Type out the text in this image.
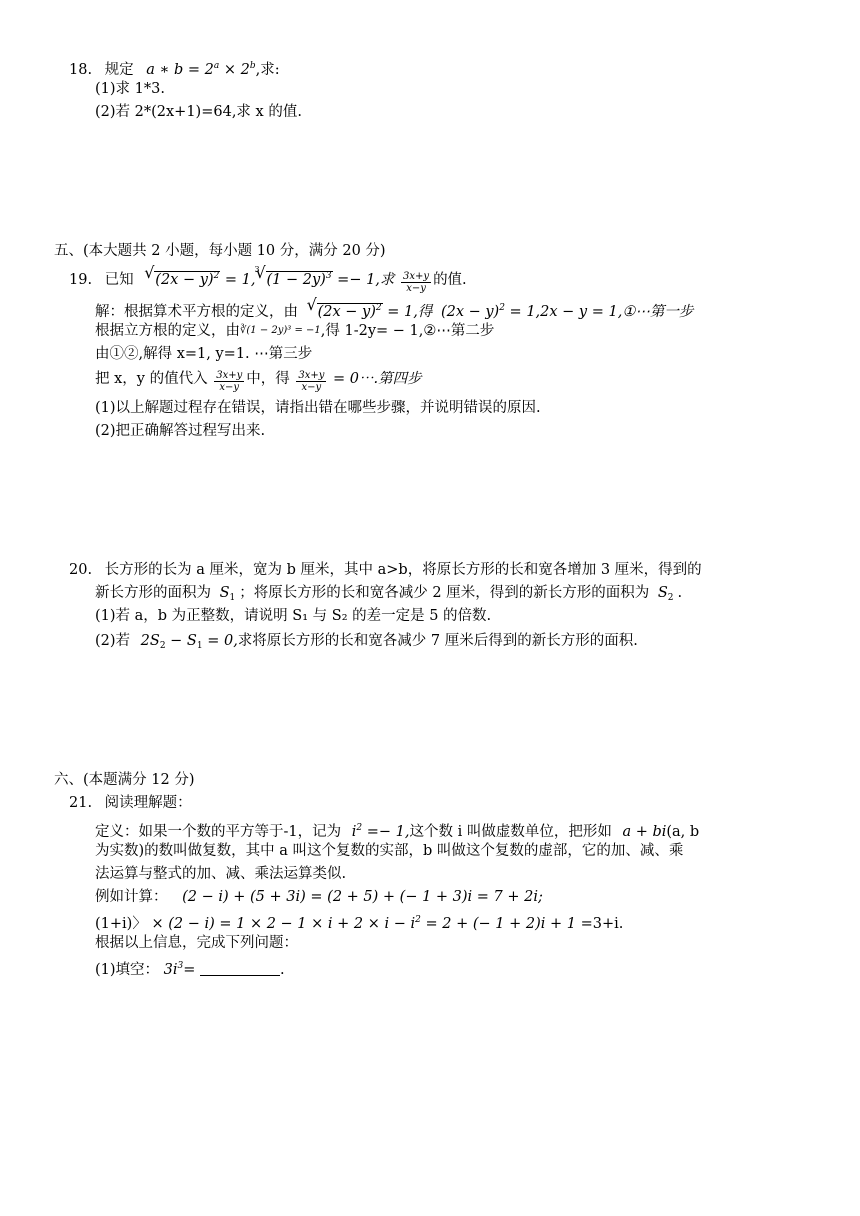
18. 规定 a ∗ $b = 2^a \times 2^b$,求:
(1)求 1*3.
(2)若 2*(2x+1)=64,求 x 的值.
五、(本大题共 2 小题，每小题 10 分，满分 20 分)
19. 已知 √ $(2x - y)^2 = 1$,
√ 3
$(1 - 2y)^3 =- 1$,求 $\frac{3x+y}{x-y}$ 的值.
解：根据算术平方根的定义，由 √ $(2x - y)^2 = 1$,得 $(2x - y)^2 = 1,2x - y$ = 1,①⋯第一步
根据立方根的定义，由∛(1 − 2y)³ = −1,得 1-2y= − 1,②⋯第二步
由①②,解得 x=1, y=1. ⋯第三步
把 x，y 的值代入 $\frac{3x+y}{x-y}$ 中，得 $\frac{3x+y}{x-y}$ = 0⋯.第四步
(1)以上解题过程存在错误，请指出错在哪些步骤，并说明错误的原因.
(2)把正确解答过程写出来.
20. 长方形的长为 a 厘米，宽为 b 厘米，其中 a>b，将原长方形的长和宽各增加 3 厘米，得到的
新长方形的面积为 $S_1$ ；将原长方形的长和宽各减少 2 厘米，得到的新长方形的面积为 $S_2$ .
(1)若 a，b 为正整数，请说明 S₁ 与 S₂ 的差一定是 5 的倍数.
(2)若 $2S_2 - S_1 = 0$,求将原长方形的长和宽各减少 7 厘米后得到的新长方形的面积.
六、(本题满分 12 分)
21. 阅读理解题：
定义：如果一个数的平方等于-1，记为 $i^2 =- 1$,这个数 i 叫做虚数单位，把形如 a + bi(a, b
为实数)的数叫做复数，其中 a 叫这个复数的实部，b 叫做这个复数的虚部，它的加、减、乘
法运算与整式的加、减、乘法运算类似.
例如计算： (2 − i) + (5 + 3i) = (2 + 5) + (− 1 + 3)i = 7 + 2i;
(1+i)〉 × $(2 - i) = 1 \times 2 - 1 \times i + 2 \times i - i^2 = 2$ + (− 1 + 2)i + 1 =3+i.
根据以上信息，完成下列问题：
(1)填空： $3i^3=$	.
